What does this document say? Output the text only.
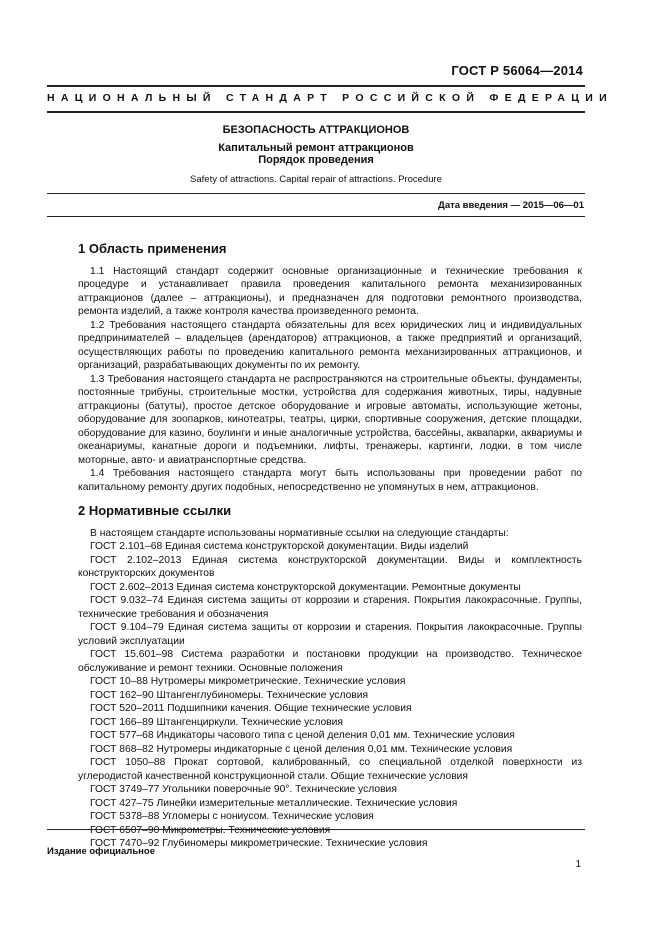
ГОСТ Р 56064—2014
НАЦИОНАЛЬНЫЙ СТАНДАРТ РОССИЙСКОЙ ФЕДЕРАЦИИ
БЕЗОПАСНОСТЬ АТТРАКЦИОНОВ
Капитальный ремонт аттракционов
Порядок проведения
Safety of attractions. Capital repair of attractions. Procedure
Дата введения — 2015—06—01
1 Область применения

1.1 Настоящий стандарт содержит основные организационные и технические требования к процедуре и устанавливает правила проведения капитального ремонта механизированных аттракционов (далее – аттракционы), и предназначен для подготовки ремонтного производства, ремонта изделий, а также контроля качества произведенного ремонта.

1.2 Требования настоящего стандарта обязательны для всех юридических лиц и индивидуальных предпринимателей – владельцев (арендаторов) аттракционов, а также предприятий и организаций, осуществляющих работы по проведению капитального ремонта механизированных аттракционов, и организаций, разрабатывающих документы по их ремонту.

1.3 Требования настоящего стандарта не распространяются на строительные объекты, фундаменты, постоянные трибуны, строительные мостки, устройства для содержания животных, тиры, надувные аттракционы (батуты), простое детское оборудование и игровые автоматы, использующие жетоны, оборудование для зоопарков, кинотеатры, театры, цирки, спортивные сооружения, детские площадки, оборудование для казино, боулинги и иные аналогичные устройства, бассейны, аквапарки, аквариумы и океанариумы, канатные дороги и подъемники, лифты, тренажеры, картинги, лодки, в том числе моторные, авто- и авиатранспортные средства.

1.4 Требования настоящего стандарта могут быть использованы при проведении работ по капитальному ремонту других подобных, непосредственно не упомянутых в нем, аттракционов.

2 Нормативные ссылки

В настоящем стандарте использованы нормативные ссылки на следующие стандарты:

ГОСТ 2.101–68 Единая система конструкторской документации. Виды изделий

ГОСТ 2.102–2013 Единая система конструкторской документации. Виды и комплектность конструкторских документов

ГОСТ 2.602–2013 Единая система конструкторской документации. Ремонтные документы

ГОСТ 9.032–74 Единая система защиты от коррозии и старения. Покрытия лакокрасочные. Группы, технические требования и обозначения

ГОСТ 9.104–79 Единая система защиты от коррозии и старения. Покрытия лакокрасочные. Группы условий эксплуатации

ГОСТ 15.601–98 Система разработки и постановки продукции на производство. Техническое обслуживание и ремонт техники. Основные положения

ГОСТ 10–88 Нутромеры микрометрические. Технические условия

ГОСТ 162–90 Штангенглубиномеры. Технические условия

ГОСТ 520–2011 Подшипники качения. Общие технические условия

ГОСТ 166–89 Штангенциркули. Технические условия

ГОСТ 577–68 Индикаторы часового типа с ценой деления 0,01 мм. Технические условия

ГОСТ 868–82 Нутромеры индикаторные с ценой деления 0,01 мм. Технические условия

ГОСТ 1050–88 Прокат сортовой, калиброванный, со специальной отделкой поверхности из углеродистой качественной конструкционной стали. Общие технические условия

ГОСТ 3749–77 Угольники поверочные 90°. Технические условия

ГОСТ 427–75 Линейки измерительные металлические. Технические условия

ГОСТ 5378–88 Угломеры с нониусом. Технические условия

ГОСТ 6507–90 Микрометры. Технические условия

ГОСТ 7470–92 Глубиномеры микрометрические. Технические условия

Издание официальное
1
